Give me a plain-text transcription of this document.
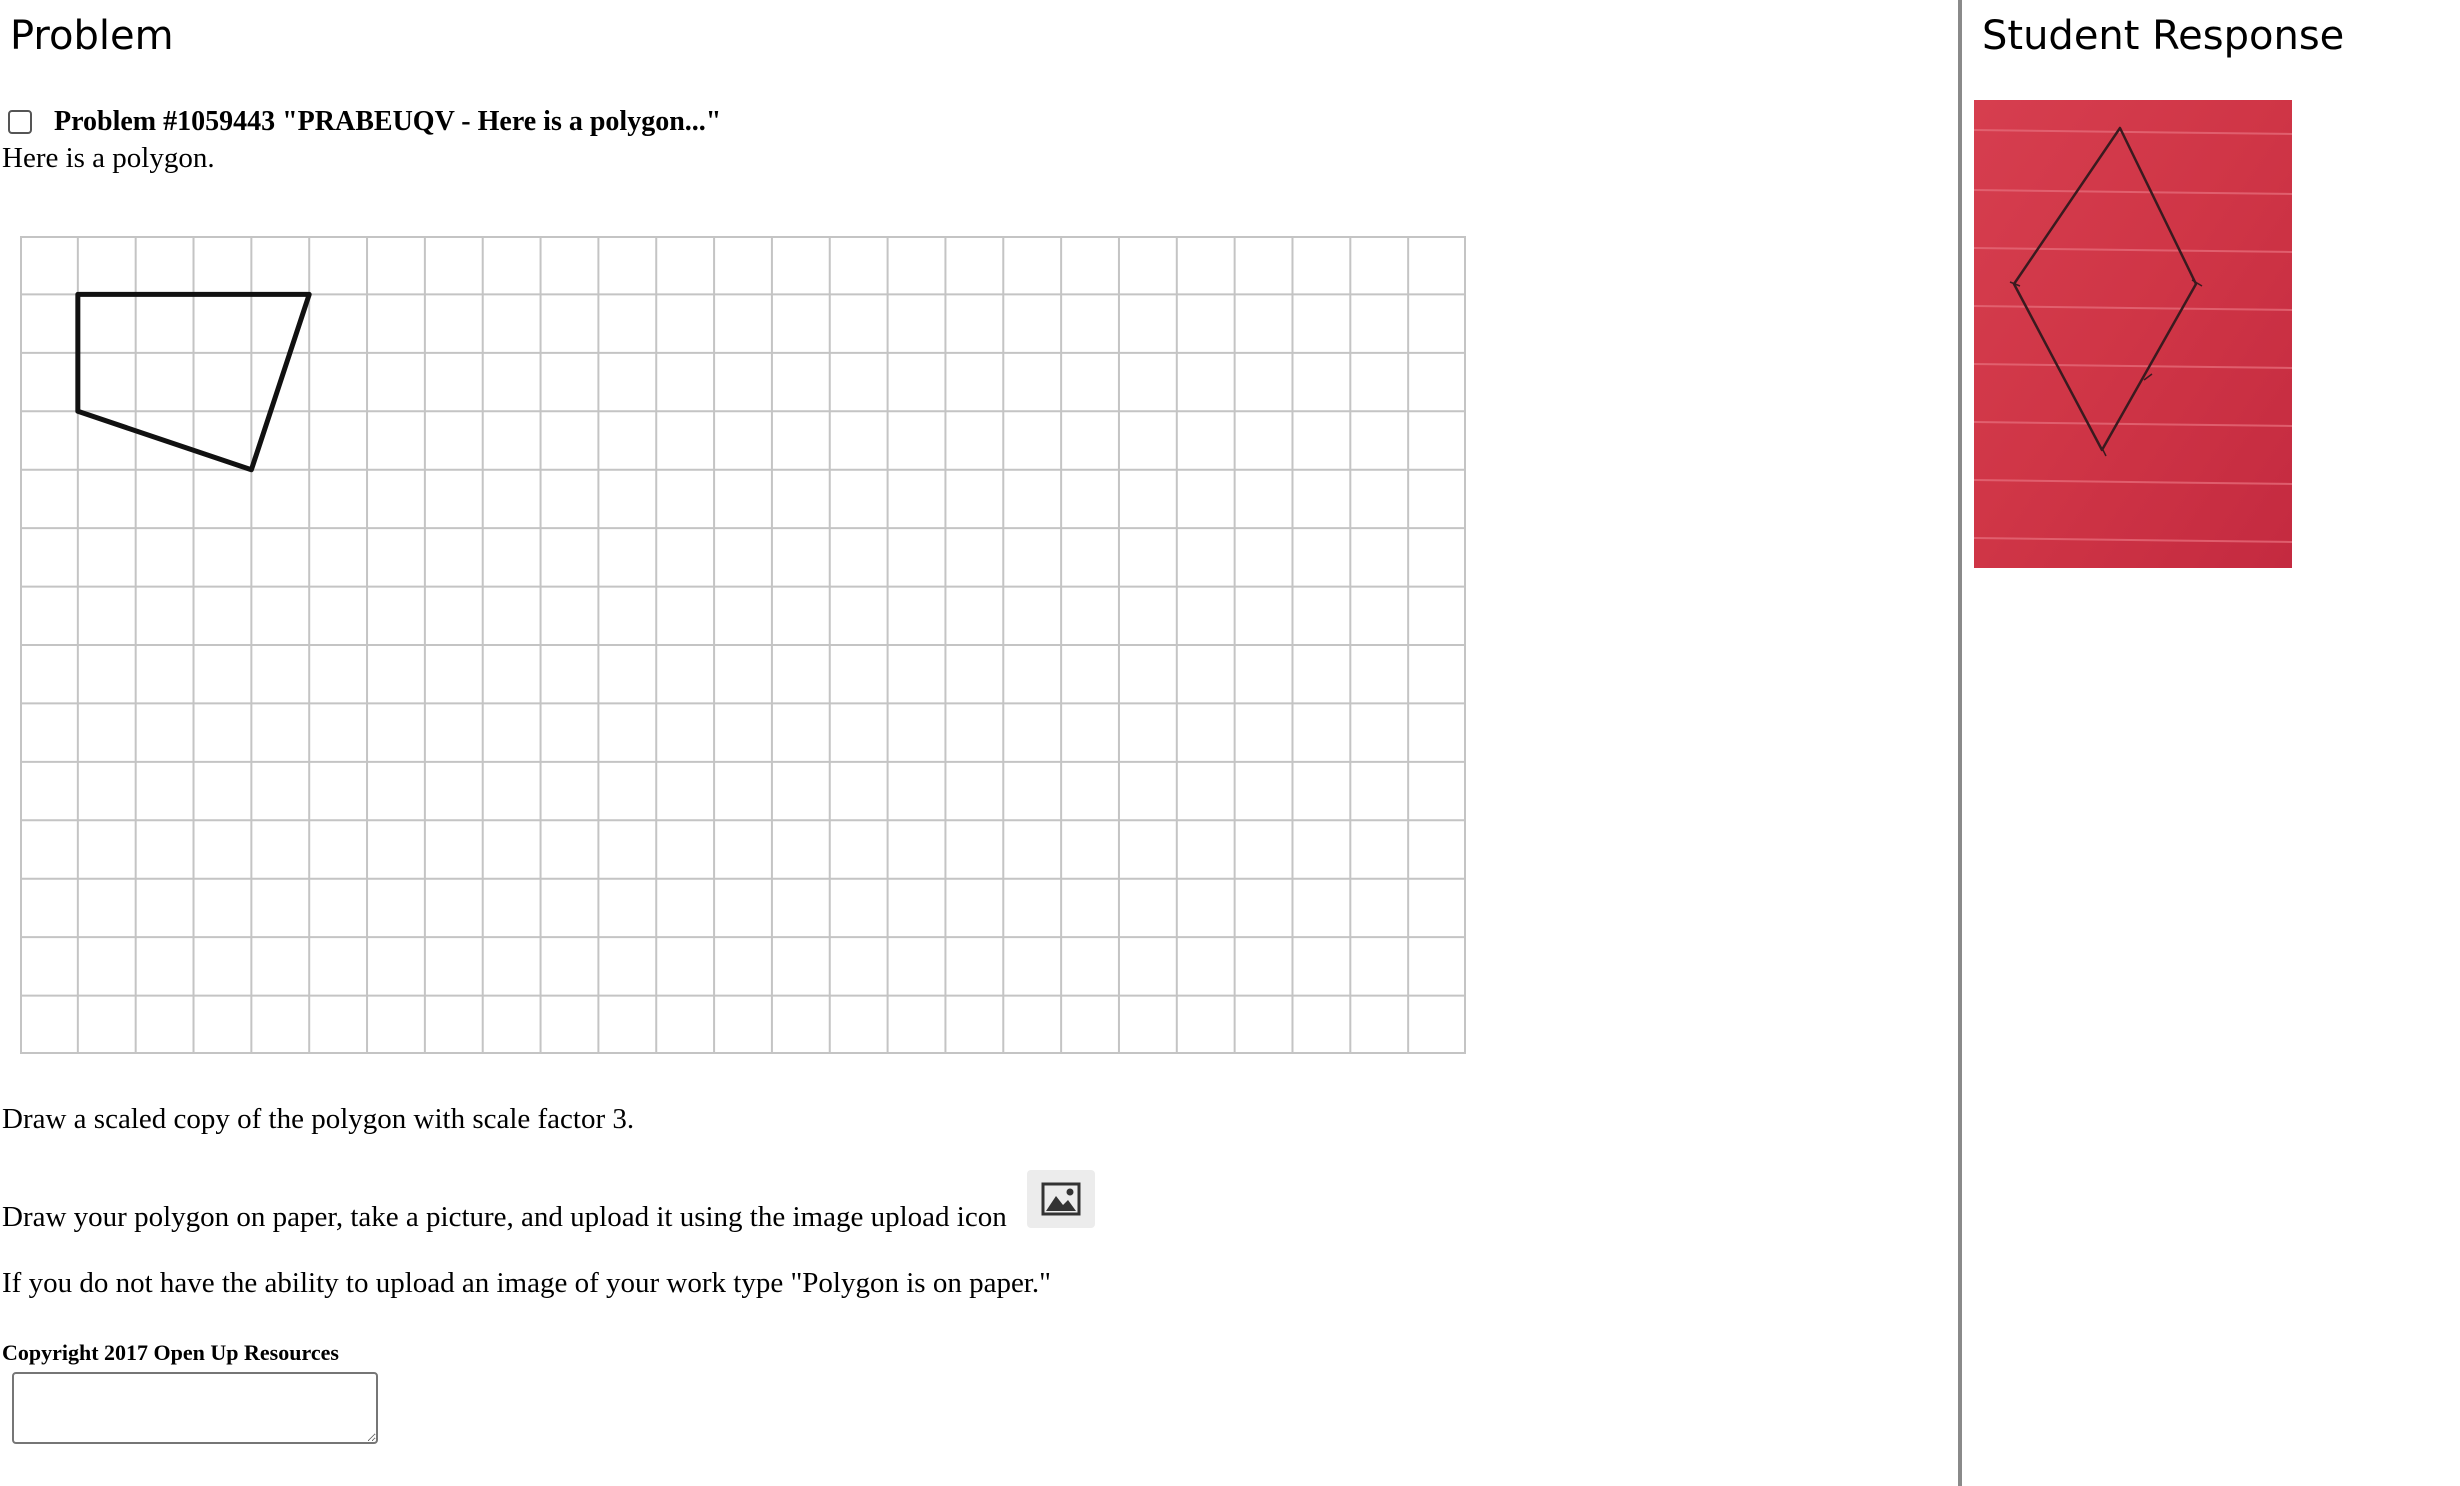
Problem
Problem #1059443 "PRABEUQV - Here is a polygon..."
Here is a polygon.
Draw a scaled copy of the polygon with scale factor 3.
Draw your polygon on paper, take a picture, and upload it using the image upload icon
If you do not have the ability to upload an image of your work type "Polygon is on paper."
Copyright 2017 Open Up Resources
Student Response
